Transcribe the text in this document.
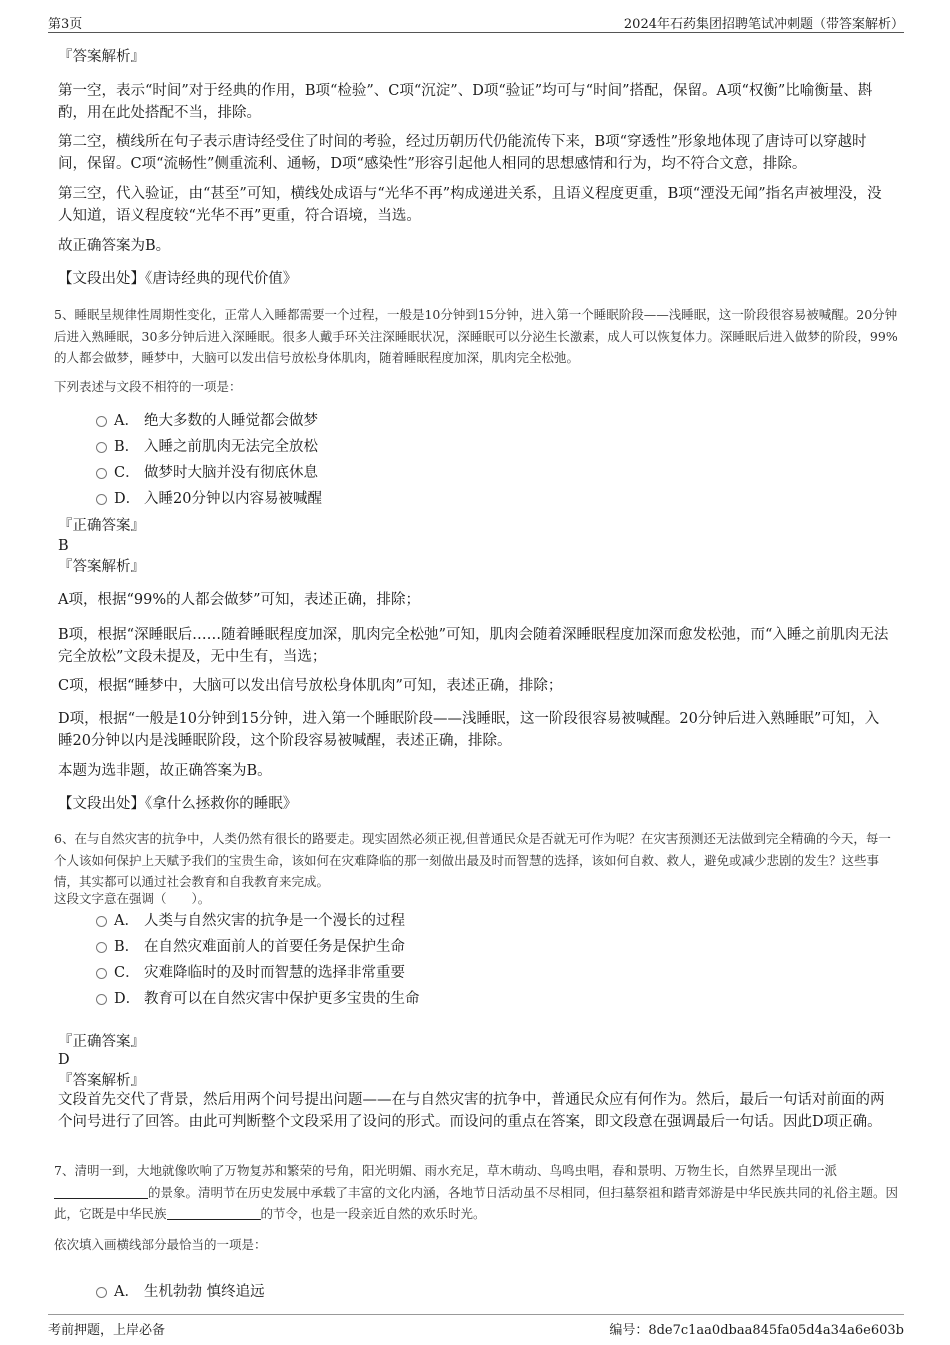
第3页	2024年石药集团招聘笔试冲刺题（带答案解析）

『答案解析』

第一空，表示“时间”对于经典的作用，B项“检验”、C项“沉淀”、D项“验证”均可与“时间”搭配，保留。A项“权衡”比喻衡量、斟酌，用在此处搭配不当，排除。

第二空，横线所在句子表示唐诗经受住了时间的考验，经过历朝历代仍能流传下来，B项“穿透性”形象地体现了唐诗可以穿越时间，保留。C项“流畅性”侧重流利、通畅，D项“感染性”形容引起他人相同的思想感情和行为，均不符合文意，排除。

第三空，代入验证，由“甚至”可知，横线处成语与“光华不再”构成递进关系，且语义程度更重，B项“湮没无闻”指名声被埋没，没人知道，语义程度较“光华不再”更重，符合语境，当选。

故正确答案为B。

【文段出处】《唐诗经典的现代价值》

5、睡眠呈规律性周期性变化，正常人入睡都需要一个过程，一般是10分钟到15分钟，进入第一个睡眠阶段——浅睡眠，这一阶段很容易被喊醒。20分钟后进入熟睡眠，30多分钟后进入深睡眠。很多人戴手环关注深睡眠状况，深睡眠可以分泌生长激素，成人可以恢复体力。深睡眠后进入做梦的阶段，99%的人都会做梦，睡梦中，大脑可以发出信号放松身体肌肉，随着睡眠程度加深，肌肉完全松弛。

下列表述与文段不相符的一项是：

A． 绝大多数的人睡觉都会做梦
B． 入睡之前肌肉无法完全放松
C． 做梦时大脑并没有彻底休息
D． 入睡20分钟以内容易被喊醒

『正确答案』

B

『答案解析』

A项，根据“99%的人都会做梦”可知，表述正确，排除；

B项，根据“深睡眠后……随着睡眠程度加深，肌肉完全松弛”可知，肌肉会随着深睡眠程度加深而愈发松弛，而“入睡之前肌肉无法完全放松”文段未提及，无中生有，当选；

C项，根据“睡梦中，大脑可以发出信号放松身体肌肉”可知，表述正确，排除；

D项，根据“一般是10分钟到15分钟，进入第一个睡眠阶段——浅睡眠，这一阶段很容易被喊醒。20分钟后进入熟睡眠”可知，入睡20分钟以内是浅睡眠阶段，这个阶段容易被喊醒，表述正确，排除。

本题为选非题，故正确答案为B。

【文段出处】《拿什么拯救你的睡眠》

6、在与自然灾害的抗争中，人类仍然有很长的路要走。现实固然必须正视,但普通民众是否就无可作为呢？在灾害预测还无法做到完全精确的今天，每一个人该如何保护上天赋予我们的宝贵生命，该如何在灾难降临的那一刻做出最及时而智慧的选择，该如何自救、救人，避免或减少悲剧的发生？这些事情，其实都可以通过社会教育和自我教育来完成。

这段文字意在强调（　　）。

A． 人类与自然灾害的抗争是一个漫长的过程
B． 在自然灾难面前人的首要任务是保护生命
C． 灾难降临时的及时而智慧的选择非常重要
D． 教育可以在自然灾害中保护更多宝贵的生命

『正确答案』

D

『答案解析』

文段首先交代了背景，然后用两个问号提出问题——在与自然灾害的抗争中，普通民众应有何作为。然后，最后一句话对前面的两个问号进行了回答。由此可判断整个文段采用了设问的形式。而设问的重点在答案，即文段意在强调最后一句话。因此D项正确。

7、清明一到，大地就像吹响了万物复苏和繁荣的号角，阳光明媚、雨水充足，草木萌动、鸟鸣虫唱，春和景明、万物生长，自然界呈现出一派的景象。清明节在历史发展中承载了丰富的文化内涵，各地节日活动虽不尽相同，但扫墓祭祖和踏青郊游是中华民族共同的礼俗主题。因此，它既是中华民族	的节令，也是一段亲近自然的欢乐时光。

依次填入画横线部分最恰当的一项是：

A． 生机勃勃 慎终追远
考前押题，上岸必备	编号：8de7c1aa0dbaa845fa05d4a34a6e603b
